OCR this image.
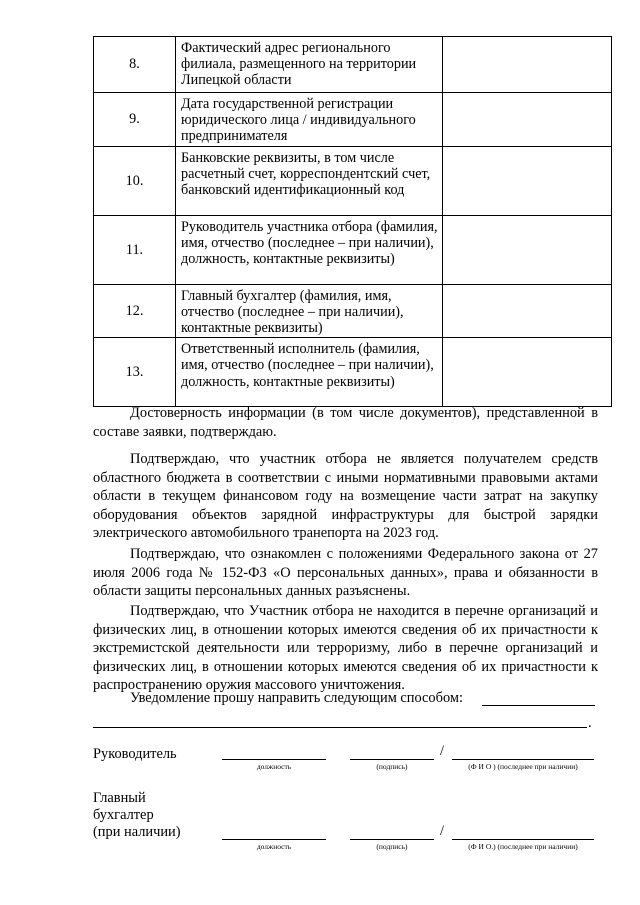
8.	Фактический адрес регионального филиала, размещенного на территории Липецкой области	
9.	Дата государственной регистрации юридического лица / индивидуального предпринимателя	
10.	Банковские реквизиты, в том числе расчетный счет, корреспондентский счет, банковский идентификационный код	
11.	Руководитель участника отбора (фамилия, имя, отчество (последнее – при наличии), должность, контактные реквизиты)	
12.	Главный бухгалтер (фамилия, имя, отчество (последнее – при наличии), контактные реквизиты)	
13.	Ответственный исполнитель (фамилия, имя, отчество (последнее – при наличии), должность, контактные реквизиты)	

Достоверность информации (в том числе документов), представленной в составе заявки, подтверждаю.

Подтверждаю, что участник отбора не является получателем средств областного бюджета в соответствии с иными нормативными правовыми актами области в текущем финансовом году на возмещение части затрат на закупку оборудования объектов зарядной инфраструктуры для быстрой зарядки электрического автомобильного транепорта на 2023 год.

Подтверждаю, что ознакомлен с положениями Федерального закона от 27 июля 2006 года № 152-ФЗ «О персональных данных», права и обязанности в области защиты персональных данных разъяснены.

Подтверждаю, что Участник отбора не находится в перечне организаций и физических лиц, в отношении которых имеются сведения об их причастности к экстремистской деятельности или терроризму, либо в перечне организаций и физических лиц, в отношении которых имеются сведения об их причастности к распространению оружия массового уничтожения.

Уведомление прошу направить следующим способом:
.
Руководитель
должность	(подпись)
/
(Ф И О ) (последнее при наличии)
Главный
бухгалтер
(при наличии)
должность	(подпись)
/
(Ф И О.) (последнее при наличии)
